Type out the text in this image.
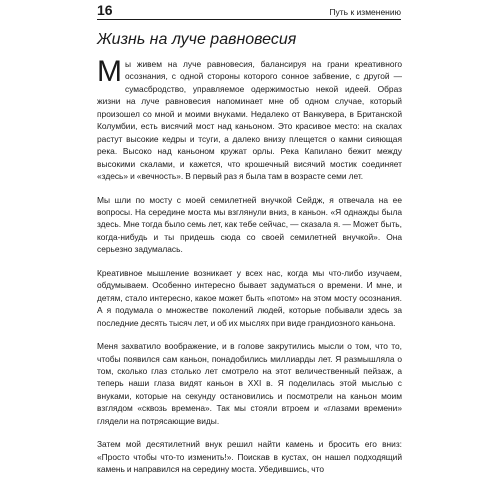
16	Путь к изменению
Жизнь на луче равновесия

Мы живем на луче равновесия, балансируя на грани креативного осознания, с одной стороны которого сонное забвение, с другой — сумасбродство, управляемое одержимостью некой идеей. Образ жизни на луче равновесия напоминает мне об одном случае, который произошел со мной и моими внуками. Недалеко от Ванкувера, в Британской Колумбии, есть висячий мост над каньоном. Это красивое место: на скалах растут высокие кедры и тсуги, а далеко внизу плещется о камни сияющая река. Высоко над каньоном кружат орлы. Река Капилано бежит между высокими скалами, и кажется, что крошечный висячий мостик соединяет «здесь» и «вечность». В первый раз я была там в возрасте семи лет.

Мы шли по мосту с моей семилетней внучкой Сейдж, я отвечала на ее вопросы. На середине моста мы взглянули вниз, в каньон. «Я однажды была здесь. Мне тогда было семь лет, как тебе сейчас, — сказала я. — Может быть, когда-нибудь и ты придешь сюда со своей семилетней внучкой». Она серьезно задумалась.

Креативное мышление возникает у всех нас, когда мы что-либо изучаем, обдумываем. Особенно интересно бывает задуматься о времени. И мне, и детям, стало интересно, какое может быть «потом» на этом мосту осознания. А я подумала о множестве поколений людей, которые побывали здесь за последние десять тысяч лет, и об их мыслях при виде грандиозного каньона.

Меня захватило воображение, и в голове закрутились мысли о том, что то, чтобы появился сам каньон, понадобились миллиарды лет. Я размышляла о том, сколько глаз столько лет смотрело на этот величественный пейзаж, а теперь наши глаза видят каньон в XXI в. Я поделилась этой мыслью с внуками, которые на секунду остановились и посмотрели на каньон моим взглядом «сквозь времена». Так мы стояли втроем и «глазами времени» глядели на потрясающие виды.

Затем мой десятилетний внук решил найти камень и бросить его вниз: «Просто чтобы что-то изменить!». Поискав в кустах, он нашел подходящий камень и направился на середину моста. Убедившись, что
